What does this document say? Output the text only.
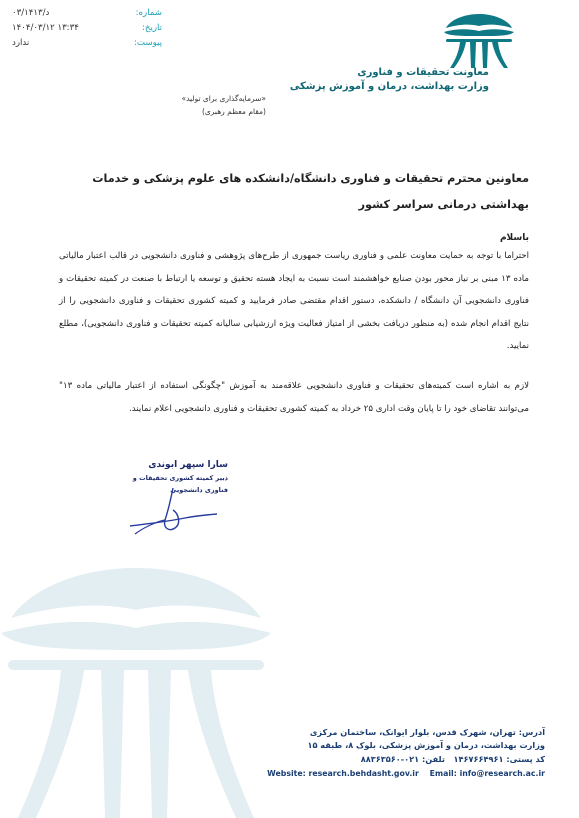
۰۳/۱۴۱۳/د	شماره:
۱۴۰۴/۰۳/۱۲ ۱۳:۳۴	تاریخ:
ندارد	پیوست:
معاونت تحقیقات و فناوری
وزارت بهداشت، درمان و آموزش پزشکی
«سرمایه‌گذاری برای تولید»
(مقام معظم رهبری)
معاونین محترم تحقیقات و فناوری دانشگاه/دانشکده های علوم پزشکی و خدمات بهداشتی درمانی سراسر کشور
باسلام
احتراما با توجه به حمایت معاونت علمی و فناوری ریاست جمهوری از طرح‌های پژوهشی و فناوری دانشجویی در قالب اعتبار مالیاتی ماده ۱۳ مبنی بر نیاز محور بودن صنایع خواهشمند است نسبت به ایجاد هسته تحقیق و توسعه یا ارتباط با صنعت در کمیته تحقیقات و فناوری دانشجویی آن دانشگاه / دانشکده، دستور اقدام مقتضی صادر فرمایید و کمیته کشوری تحقیقات و فناوری دانشجویی را از نتایج اقدام انجام شده (به منظور دریافت بخشی از امتیاز فعالیت ویژه ارزشیابی سالیانه کمیته تحقیقات و فناوری دانشجویی)، مطلع نمایید.
لازم به اشاره است کمیته‌های تحقیقات و فناوری دانشجویی علاقه‌مند به آموزش "چگونگی استفاده از اعتبار مالیاتی ماده ۱۳" می‌توانند تقاضای خود را تا پایان وقت اداری ۲۵ خرداد به کمیته کشوری تحقیقات و فناوری دانشجویی اعلام نمایند.
سارا سپهر ابوندی
دبیر کمیته کشوری تحقیقات و فناوری دانشجویی
آدرس: تهران، شهرک قدس، بلوار ایوانک، ساختمان مرکزی
وزارت بهداشت، درمان و آموزش پزشکی، بلوک ۸، طبقه ۱۵
کد پستی: ۱۴۶۷۶۶۴۹۶۱   تلفن: ۰۲۱-۸۸۳۶۳۵۶۰
Website: research.behdasht.gov.ir Email: info@research.ac.ir
